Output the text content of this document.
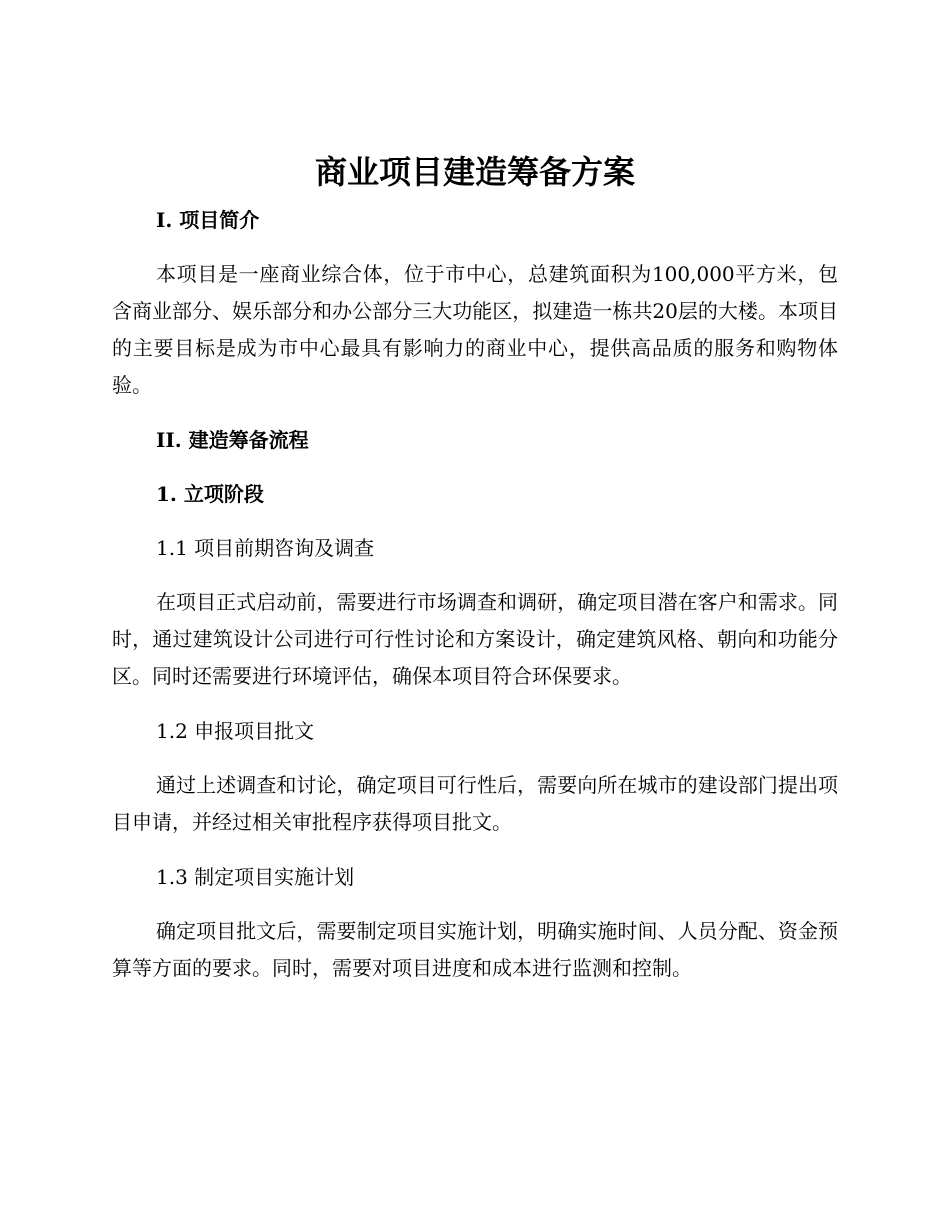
商业项目建造筹备方案

I. 项目简介

本项目是一座商业综合体，位于市中心，总建筑面积为100,000平方米，包含商业部分、娱乐部分和办公部分三大功能区，拟建造一栋共20层的大楼。本项目的主要目标是成为市中心最具有影响力的商业中心，提供高品质的服务和购物体验。

II. 建造筹备流程

1. 立项阶段

1.1 项目前期咨询及调查

在项目正式启动前，需要进行市场调查和调研，确定项目潜在客户和需求。同时，通过建筑设计公司进行可行性讨论和方案设计，确定建筑风格、朝向和功能分区。同时还需要进行环境评估，确保本项目符合环保要求。

1.2 申报项目批文

通过上述调查和讨论，确定项目可行性后，需要向所在城市的建设部门提出项目申请，并经过相关审批程序获得项目批文。

1.3 制定项目实施计划

确定项目批文后，需要制定项目实施计划，明确实施时间、人员分配、资金预算等方面的要求。同时，需要对项目进度和成本进行监测和控制。
